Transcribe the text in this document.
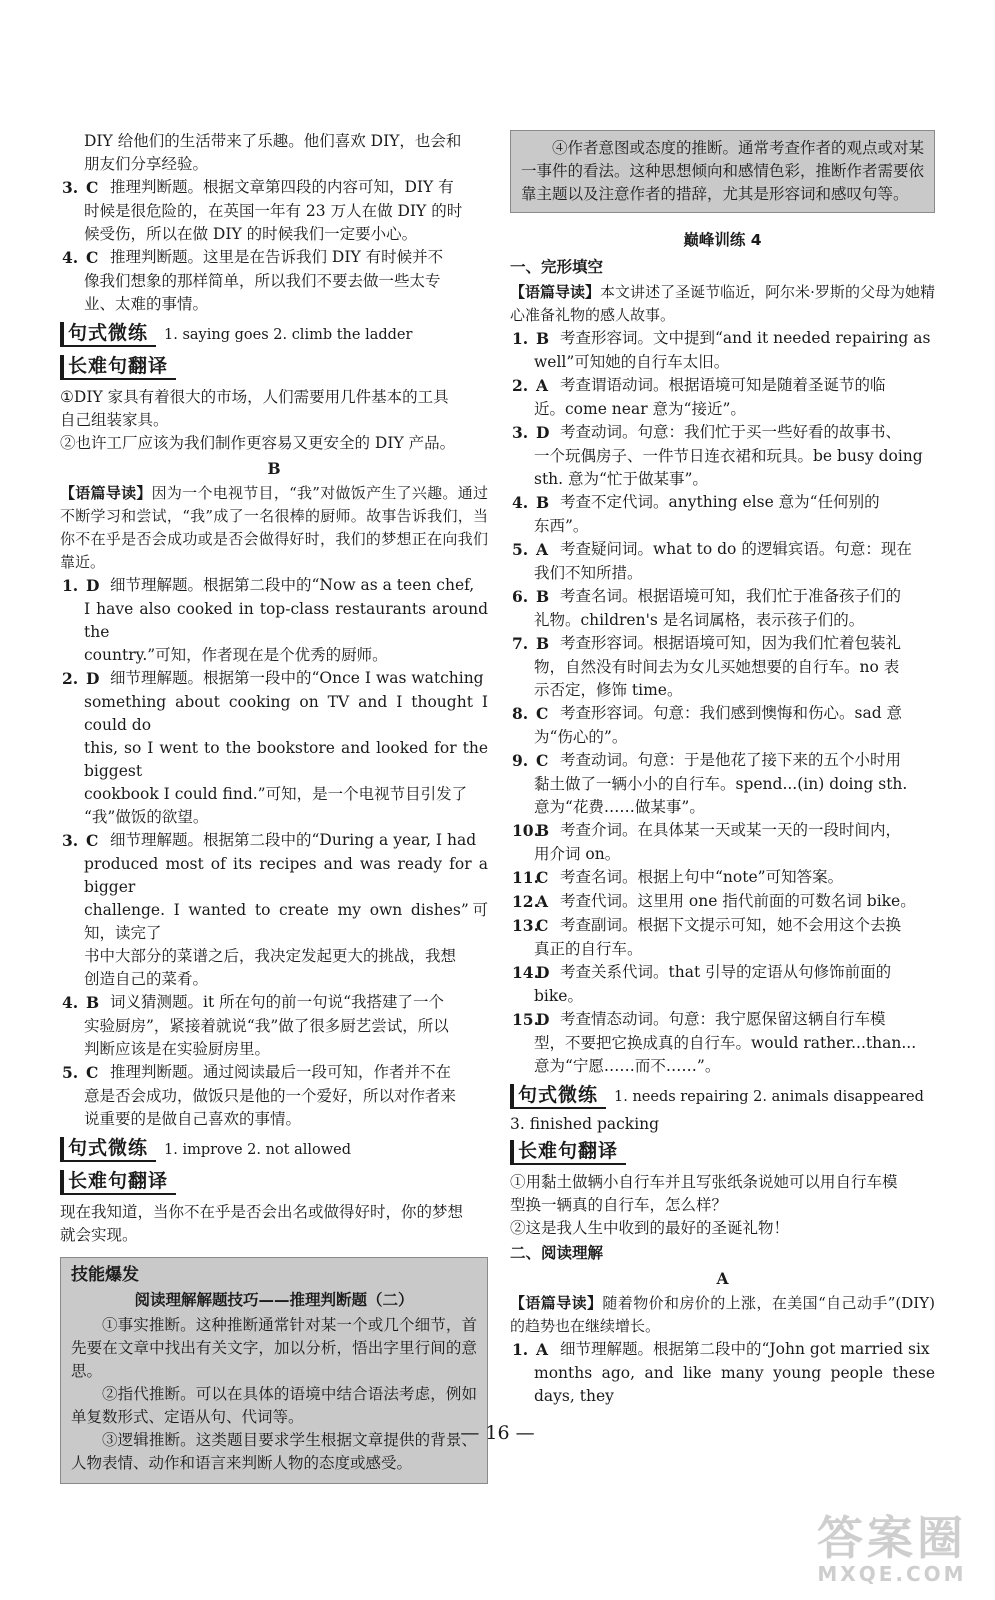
DIY 给他们的生活带来了乐趣。他们喜欢 DIY，也会和

朋友们分享经验。

3. C 推理判断题。根据文章第四段的内容可知，DIY 有

时候是很危险的，在英国一年有 23 万人在做 DIY 的时

候受伤，所以在做 DIY 的时候我们一定要小心。

4. C 推理判断题。这里是在告诉我们 DIY 有时候并不

像我们想象的那样简单，所以我们不要去做一些太专

业、太难的事情。

句式微练	1. saying goes 2. climb the ladder
长难句翻译

①DIY 家具有着很大的市场，人们需要用几件基本的工具

自己组装家具。

②也许工厂应该为我们制作更容易又更安全的 DIY 产品。

B

【语篇导读】因为一个电视节目，“我”对做饭产生了兴趣。通过不断学习和尝试，“我”成了一名很棒的厨师。故事告诉我们，当你不在乎是否会成功或是否会做得好时，我们的梦想正在向我们靠近。

1. D 细节理解题。根据第二段中的“Now as a teen chef,

I have also cooked in top-class restaurants around the

country.”可知，作者现在是个优秀的厨师。

2. D 细节理解题。根据第一段中的“Once I was watching

something about cooking on TV and I thought I could do

this, so I went to the bookstore and looked for the biggest

cookbook I could find.”可知，是一个电视节目引发了

“我”做饭的欲望。

3. C 细节理解题。根据第二段中的“During a year, I had

produced most of its recipes and was ready for a bigger

challenge. I wanted to create my own dishes”可知，读完了

书中大部分的菜谱之后，我决定发起更大的挑战，我想

创造自己的菜肴。

4. B 词义猜测题。it 所在句的前一句说“我搭建了一个

实验厨房”，紧接着就说“我”做了很多厨艺尝试，所以

判断应该是在实验厨房里。

5. C 推理判断题。通过阅读最后一段可知，作者并不在

意是否会成功，做饭只是他的一个爱好，所以对作者来

说重要的是做自己喜欢的事情。

句式微练	1. improve 2. not allowed
长难句翻译

现在我知道，当你不在乎是否会出名或做得好时，你的梦想

就会实现。

技能爆发
阅读理解解题技巧——推理判断题（二）

①事实推断。这种推断通常针对某一个或几个细节，首先要在文章中找出有关文字，加以分析，悟出字里行间的意思。

②指代推断。可以在具体的语境中结合语法考虑，例如单复数形式、定语从句、代词等。

③逻辑推断。这类题目要求学生根据文章提供的背景、人物表情、动作和语言来判断人物的态度或感受。

④作者意图或态度的推断。通常考查作者的观点或对某一事件的看法。这种思想倾向和感情色彩，推断作者需要依靠主题以及注意作者的措辞，尤其是形容词和感叹句等。
巅峰训练 4

一、完形填空

【语篇导读】本文讲述了圣诞节临近，阿尔米·罗斯的父母为她精心准备礼物的感人故事。

1. B 考查形容词。文中提到“and it needed repairing as

well”可知她的自行车太旧。

2. A 考查谓语动词。根据语境可知是随着圣诞节的临

近。come near 意为“接近”。

3. D 考查动词。句意：我们忙于买一些好看的故事书、

一个玩偶房子、一件节日连衣裙和玩具。be busy doing

sth. 意为“忙于做某事”。

4. B 考查不定代词。anything else 意为“任何别的

东西”。

5. A 考查疑问词。what to do 的逻辑宾语。句意：现在

我们不知所措。

6. B 考查名词。根据语境可知，我们忙于准备孩子们的

礼物。children's 是名词属格，表示孩子们的。

7. B 考查形容词。根据语境可知，因为我们忙着包装礼

物，自然没有时间去为女儿买她想要的自行车。no 表

示否定，修饰 time。

8. C 考查形容词。句意：我们感到懊悔和伤心。sad 意

为“伤心的”。

9. C 考查动词。句意：于是他花了接下来的五个小时用

黏土做了一辆小小的自行车。spend...(in) doing sth.

意为“花费……做某事”。

10.
B 考查介词。在具体某一天或某一天的一段时间内，

用介词 on。

11.
C 考查名词。根据上句中“note”可知答案。
12.
A 考查代词。这里用 one 指代前面的可数名词 bike。
13.
C 考查副词。根据下文提示可知，她不会用这个去换

真正的自行车。

14.
D 考查关系代词。that 引导的定语从句修饰前面的

bike。

15.
D 考查情态动词。句意：我宁愿保留这辆自行车模

型，不要把它换成真的自行车。would rather...than...

意为“宁愿……而不……”。

句式微练	1. needs repairing 2. animals disappeared

3. finished packing

长难句翻译

①用黏土做辆小自行车并且写张纸条说她可以用自行车模

型换一辆真的自行车，怎么样？

②这是我人生中收到的最好的圣诞礼物！

二、阅读理解

A

【语篇导读】随着物价和房价的上涨，在美国“自己动手”(DIY) 的趋势也在继续增长。

1. A 细节理解题。根据第二段中的“John got married six

months ago, and like many young people these days, they

— 16 —
答案圈
MXQE.COM
